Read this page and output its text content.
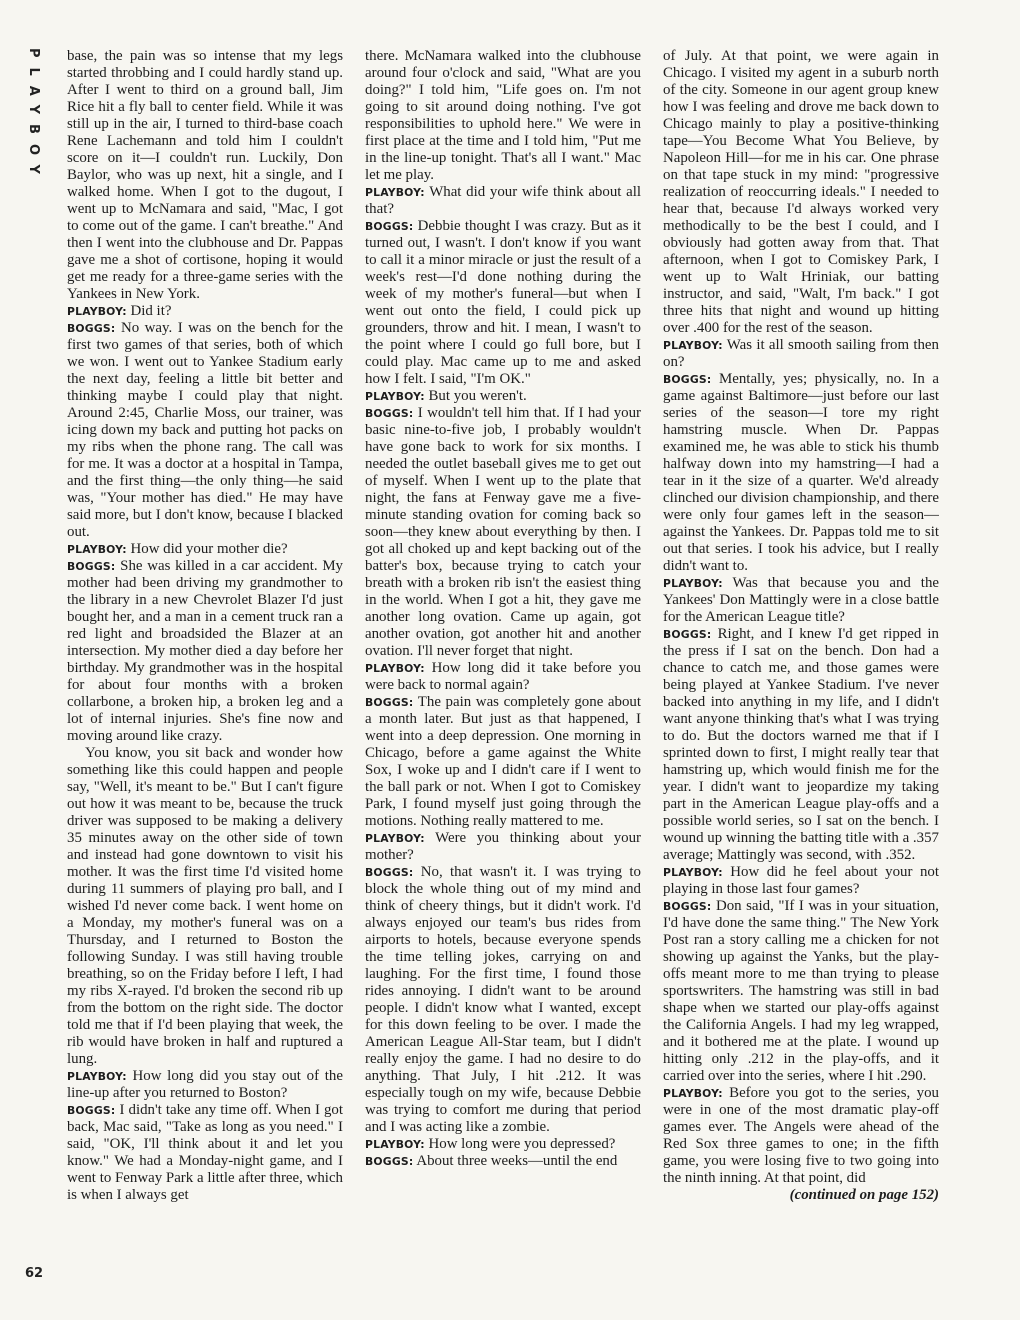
PLAYBOY
62

base, the pain was so intense that my legs started throbbing and I could hardly stand up. After I went to third on a ground ball, Jim Rice hit a fly ball to center field. While it was still up in the air, I turned to third-base coach Rene Lachemann and told him I couldn't score on it—I couldn't run. Luckily, Don Baylor, who was up next, hit a single, and I walked home. When I got to the dugout, I went up to McNamara and said, "Mac, I got to come out of the game. I can't breathe." And then I went into the clubhouse and Dr. Pappas gave me a shot of cortisone, hoping it would get me ready for a three-game series with the Yankees in New York.

PLAYBOY: Did it?

BOGGS: No way. I was on the bench for the first two games of that series, both of which we won. I went out to Yankee Stadium early the next day, feeling a little bit better and thinking maybe I could play that night. Around 2:45, Charlie Moss, our trainer, was icing down my back and putting hot packs on my ribs when the phone rang. The call was for me. It was a doctor at a hospital in Tampa, and the first thing—the only thing—he said was, "Your mother has died." He may have said more, but I don't know, because I blacked out.

PLAYBOY: How did your mother die?

BOGGS: She was killed in a car accident. My mother had been driving my grandmother to the library in a new Chevrolet Blazer I'd just bought her, and a man in a cement truck ran a red light and broadsided the Blazer at an intersection. My mother died a day before her birthday. My grandmother was in the hospital for about four months with a broken collarbone, a broken hip, a broken leg and a lot of internal injuries. She's fine now and moving around like crazy.

You know, you sit back and wonder how something like this could happen and people say, "Well, it's meant to be." But I can't figure out how it was meant to be, because the truck driver was supposed to be making a delivery 35 minutes away on the other side of town and instead had gone downtown to visit his mother. It was the first time I'd visited home during 11 summers of playing pro ball, and I wished I'd never come back. I went home on a Monday, my mother's funeral was on a Thursday, and I returned to Boston the following Sunday. I was still having trouble breathing, so on the Friday before I left, I had my ribs X-rayed. I'd broken the second rib up from the bottom on the right side. The doctor told me that if I'd been playing that week, the rib would have broken in half and ruptured a lung.

PLAYBOY: How long did you stay out of the line-up after you returned to Boston?

BOGGS: I didn't take any time off. When I got back, Mac said, "Take as long as you need." I said, "OK, I'll think about it and let you know." We had a Monday-night game, and I went to Fenway Park a little after three, which is when I always get

there. McNamara walked into the clubhouse around four o'clock and said, "What are you doing?" I told him, "Life goes on. I'm not going to sit around doing nothing. I've got responsibilities to uphold here." We were in first place at the time and I told him, "Put me in the line-up tonight. That's all I want." Mac let me play.

PLAYBOY: What did your wife think about all that?

BOGGS: Debbie thought I was crazy. But as it turned out, I wasn't. I don't know if you want to call it a minor miracle or just the result of a week's rest—I'd done nothing during the week of my mother's funeral—but when I went out onto the field, I could pick up grounders, throw and hit. I mean, I wasn't to the point where I could go full bore, but I could play. Mac came up to me and asked how I felt. I said, "I'm OK."

PLAYBOY: But you weren't.

BOGGS: I wouldn't tell him that. If I had your basic nine-to-five job, I probably wouldn't have gone back to work for six months. I needed the outlet baseball gives me to get out of myself. When I went up to the plate that night, the fans at Fenway gave me a five-minute standing ovation for coming back so soon—they knew about everything by then. I got all choked up and kept backing out of the batter's box, because trying to catch your breath with a broken rib isn't the easiest thing in the world. When I got a hit, they gave me another long ovation. Came up again, got another ovation, got another hit and another ovation. I'll never forget that night.

PLAYBOY: How long did it take before you were back to normal again?

BOGGS: The pain was completely gone about a month later. But just as that happened, I went into a deep depression. One morning in Chicago, before a game against the White Sox, I woke up and I didn't care if I went to the ball park or not. When I got to Comiskey Park, I found myself just going through the motions. Nothing really mattered to me.

PLAYBOY: Were you thinking about your mother?

BOGGS: No, that wasn't it. I was trying to block the whole thing out of my mind and think of cheery things, but it didn't work. I'd always enjoyed our team's bus rides from airports to hotels, because everyone spends the time telling jokes, carrying on and laughing. For the first time, I found those rides annoying. I didn't want to be around people. I didn't know what I wanted, except for this down feeling to be over. I made the American League All-Star team, but I didn't really enjoy the game. I had no desire to do anything. That July, I hit .212. It was especially tough on my wife, because Debbie was trying to comfort me during that period and I was acting like a zombie.

PLAYBOY: How long were you depressed?

BOGGS: About three weeks—until the end

of July. At that point, we were again in Chicago. I visited my agent in a suburb north of the city. Someone in our agent group knew how I was feeling and drove me back down to Chicago mainly to play a positive-thinking tape—You Become What You Believe, by Napoleon Hill—for me in his car. One phrase on that tape stuck in my mind: "progressive realization of reoccurring ideals." I needed to hear that, because I'd always worked very methodically to be the best I could, and I obviously had gotten away from that. That afternoon, when I got to Comiskey Park, I went up to Walt Hriniak, our batting instructor, and said, "Walt, I'm back." I got three hits that night and wound up hitting over .400 for the rest of the season.

PLAYBOY: Was it all smooth sailing from then on?

BOGGS: Mentally, yes; physically, no. In a game against Baltimore—just before our last series of the season—I tore my right hamstring muscle. When Dr. Pappas examined me, he was able to stick his thumb halfway down into my hamstring—I had a tear in it the size of a quarter. We'd already clinched our division championship, and there were only four games left in the season—against the Yankees. Dr. Pappas told me to sit out that series. I took his advice, but I really didn't want to.

PLAYBOY: Was that because you and the Yankees' Don Mattingly were in a close battle for the American League title?

BOGGS: Right, and I knew I'd get ripped in the press if I sat on the bench. Don had a chance to catch me, and those games were being played at Yankee Stadium. I've never backed into anything in my life, and I didn't want anyone thinking that's what I was trying to do. But the doctors warned me that if I sprinted down to first, I might really tear that hamstring up, which would finish me for the year. I didn't want to jeopardize my taking part in the American League play-offs and a possible world series, so I sat on the bench. I wound up winning the batting title with a .357 average; Mattingly was second, with .352.

PLAYBOY: How did he feel about your not playing in those last four games?

BOGGS: Don said, "If I was in your situation, I'd have done the same thing." The New York Post ran a story calling me a chicken for not showing up against the Yanks, but the play-offs meant more to me than trying to please sportswriters. The hamstring was still in bad shape when we started our play-offs against the California Angels. I had my leg wrapped, and it bothered me at the plate. I wound up hitting only .212 in the play-offs, and it carried over into the series, where I hit .290.

PLAYBOY: Before you got to the series, you were in one of the most dramatic play-off games ever. The Angels were ahead of the Red Sox three games to one; in the fifth game, you were losing five to two going into the ninth inning. At that point, did

(continued on page 152)
